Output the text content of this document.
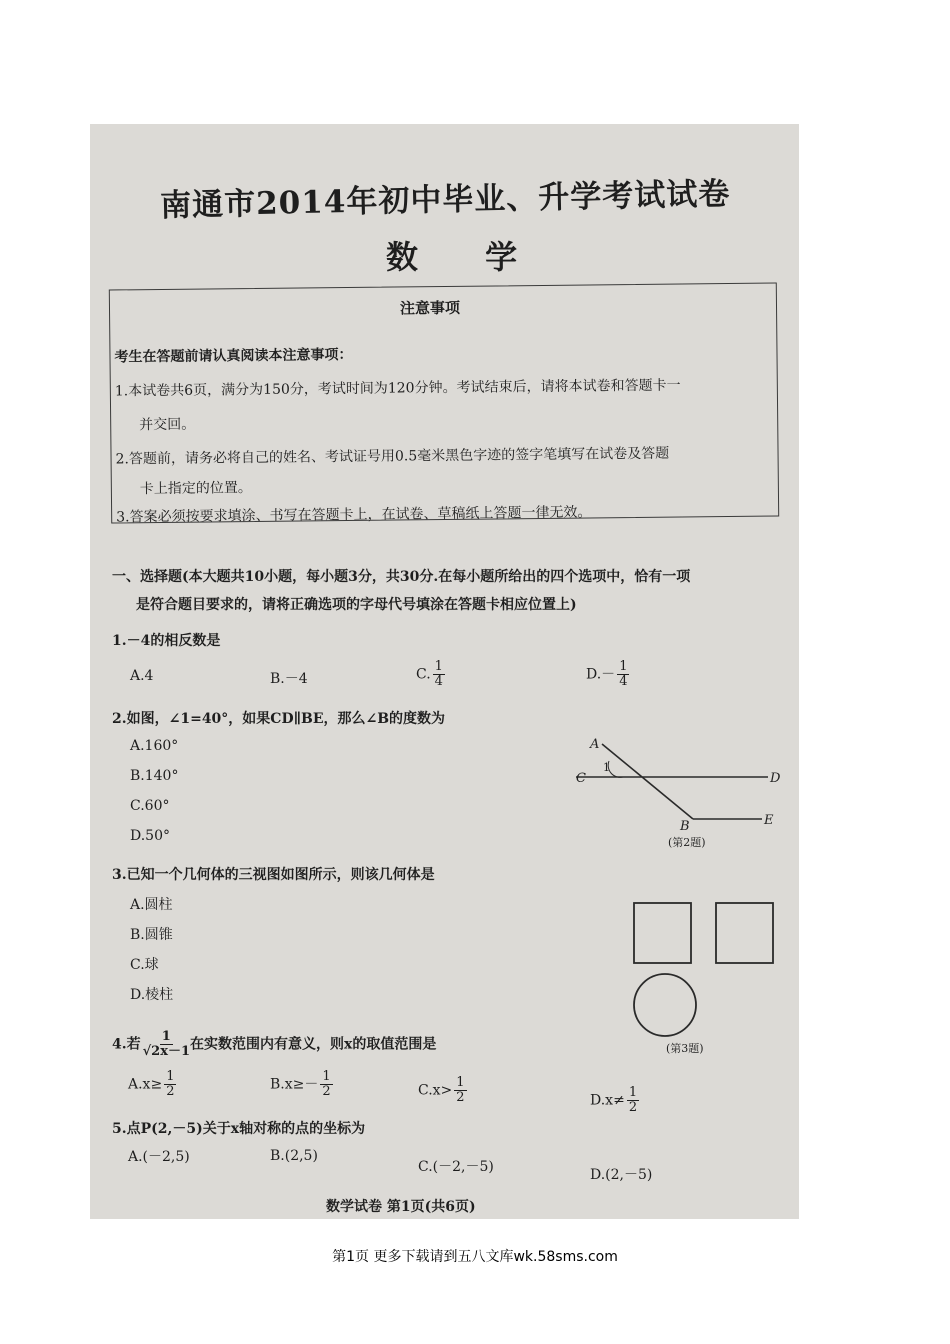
南通市2014年初中毕业、升学考试试卷
数 学
注意事项
考生在答题前请认真阅读本注意事项：
1.本试卷共6页，满分为150分，考试时间为120分钟。考试结束后，请将本试卷和答题卡一
并交回。
2.答题前，请务必将自己的姓名、考试证号用0.5毫米黑色字迹的签字笔填写在试卷及答题
卡上指定的位置。
3.答案必须按要求填涂、书写在答题卡上，在试卷、草稿纸上答题一律无效。
一、选择题(本大题共10小题，每小题3分，共30分.在每小题所给出的四个选项中，恰有一项
是符合题目要求的，请将正确选项的字母代号填涂在答题卡相应位置上)
1.－4的相反数是
A.4	B.－4	C. $\frac{1}{4}$	$D.- \frac{1}{4}$
2.如图，∠1=40°，如果CD∥BE，那么∠B的度数为
A.160°
B.140°
C.60°
D.50°
A
1
C	D
B	E
(第2题)
3.已知一个几何体的三视图如图所示，则该几何体是
A.圆柱
B.圆锥
C.球
D.棱柱
(第3题)
4.若 $\frac{1}{√2x-1}$ 在实数范围内有意义，则x的取值范围是
$A.x\ge \frac{1}{2}$	$B.x\ge- \frac{1}{2}$	$C.x> \frac{1}{2}$	$D.x\ne \frac{1}{2}$
5.点P(2,－5)关于x轴对称的点的坐标为
A.(－2,5)	B.(2,5)
C.(－2,－5)	D.(2,－5)
数学试卷 第1页(共6页)
第1页 更多下载请到五八文库wk.58sms.com
